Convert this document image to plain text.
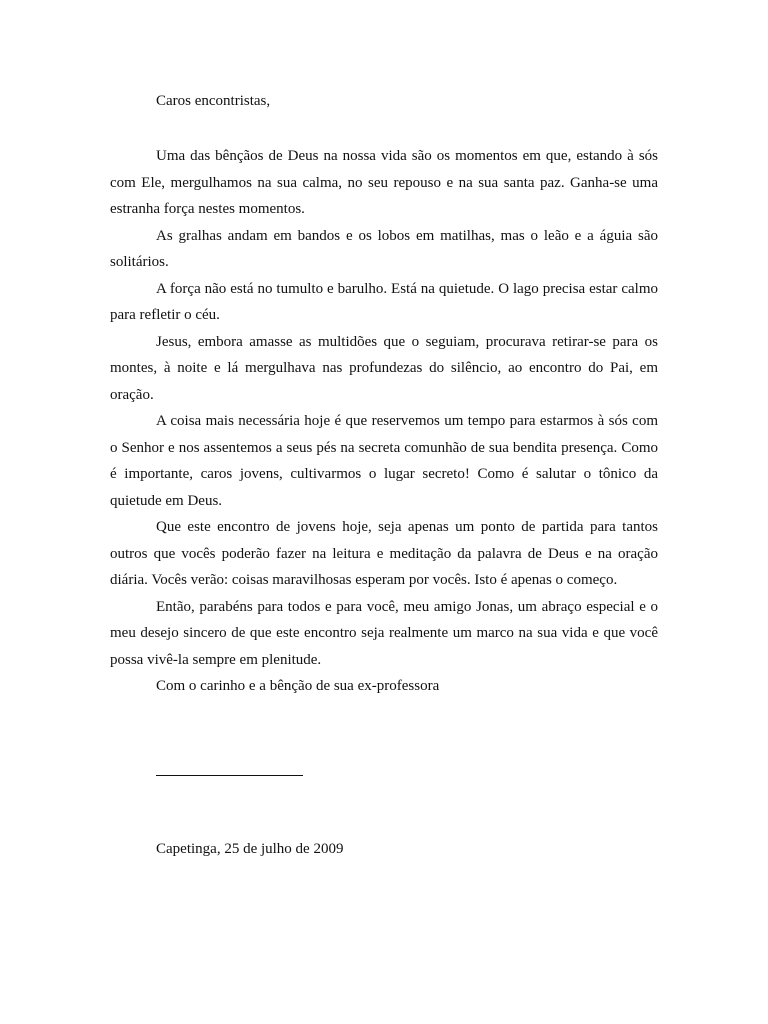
Caros encontristas,

Uma das bênçãos de Deus na nossa vida são os momentos em que, estando à sós com Ele, mergulhamos na sua calma, no seu repouso e na sua santa paz. Ganha-se uma estranha força nestes momentos.

As gralhas andam em bandos e os lobos em matilhas, mas o leão e a águia são solitários.

A força não está no tumulto e barulho. Está na quietude. O lago precisa estar calmo para refletir o céu.

Jesus, embora amasse as multidões que o seguiam, procurava retirar-se para os montes, à noite e lá mergulhava nas profundezas do silêncio, ao encontro do Pai, em oração.

A coisa mais necessária hoje é que reservemos um tempo para estarmos à sós com o Senhor e nos assentemos a seus pés na secreta comunhão de sua bendita presença. Como é importante, caros jovens, cultivarmos o lugar secreto! Como é salutar o tônico da quietude em Deus.

Que este encontro de jovens hoje, seja apenas um ponto de partida para tantos outros que vocês poderão fazer na leitura e meditação da palavra de Deus e na oração diária. Vocês verão: coisas maravilhosas esperam por vocês. Isto é apenas o começo.

Então, parabéns para todos e para você, meu amigo Jonas, um abraço especial e o meu desejo sincero de que este encontro seja realmente um marco na sua vida e que você possa vivê-la sempre em plenitude.

Com o carinho e a bênção de sua ex-professora

Capetinga, 25 de julho de 2009
